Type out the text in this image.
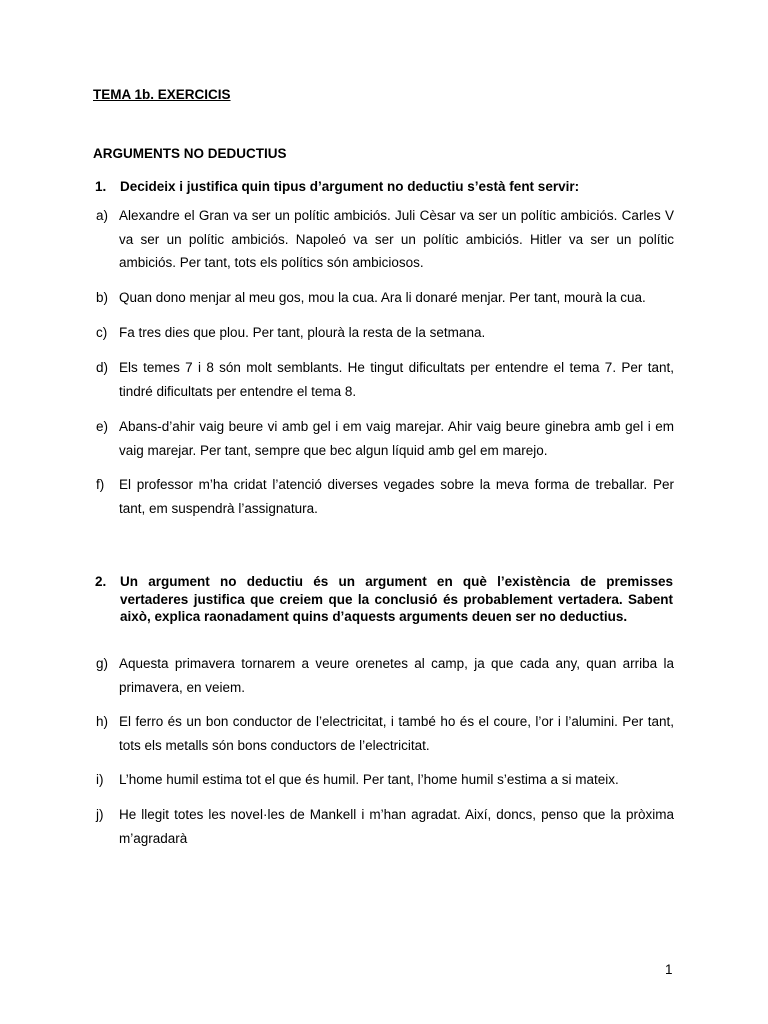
TEMA 1b. EXERCICIS
ARGUMENTS NO DEDUCTIUS
1.	Decideix i justifica quin tipus d’argument no deductiu s’està fent servir:
a) Alexandre el Gran va ser un polític ambiciós. Juli Cèsar va ser un polític ambiciós. Carles V va ser un polític ambiciós. Napoleó va ser un polític ambiciós. Hitler va ser un polític ambiciós. Per tant, tots els polítics són ambiciosos.
b) Quan dono menjar al meu gos, mou la cua. Ara li donaré menjar. Per tant, mourà la cua.
c) Fa tres dies que plou. Per tant, plourà la resta de la setmana.
d) Els temes 7 i 8 són molt semblants. He tingut dificultats per entendre el tema 7. Per tant, tindré dificultats per entendre el tema 8.
e) Abans-d’ahir vaig beure vi amb gel i em vaig marejar. Ahir vaig beure ginebra amb gel i em vaig marejar. Per tant, sempre que bec algun líquid amb gel em marejo.
f)	El professor m’ha cridat l’atenció diverses vegades sobre la meva forma de treballar. Per tant, em suspendrà l’assignatura.
2.	Un argument no deductiu és un argument en què l’existència de premisses vertaderes justifica que creiem que la conclusió és probablement vertadera. Sabent això, explica raonadament quins d’aquests arguments deuen ser no deductius.
g) Aquesta primavera tornarem a veure orenetes al camp, ja que cada any, quan arriba la primavera, en veiem.
h) El ferro és un bon conductor de l’electricitat, i també ho és el coure, l’or i l’alumini. Per tant, tots els metalls són bons conductors de l’electricitat.
i)	L’home humil estima tot el que és humil. Per tant, l’home humil s’estima a si mateix.
j)	He llegit totes les novel·les de Mankell i m’han agradat. Així, doncs, penso que la pròxima m’agradarà
1
